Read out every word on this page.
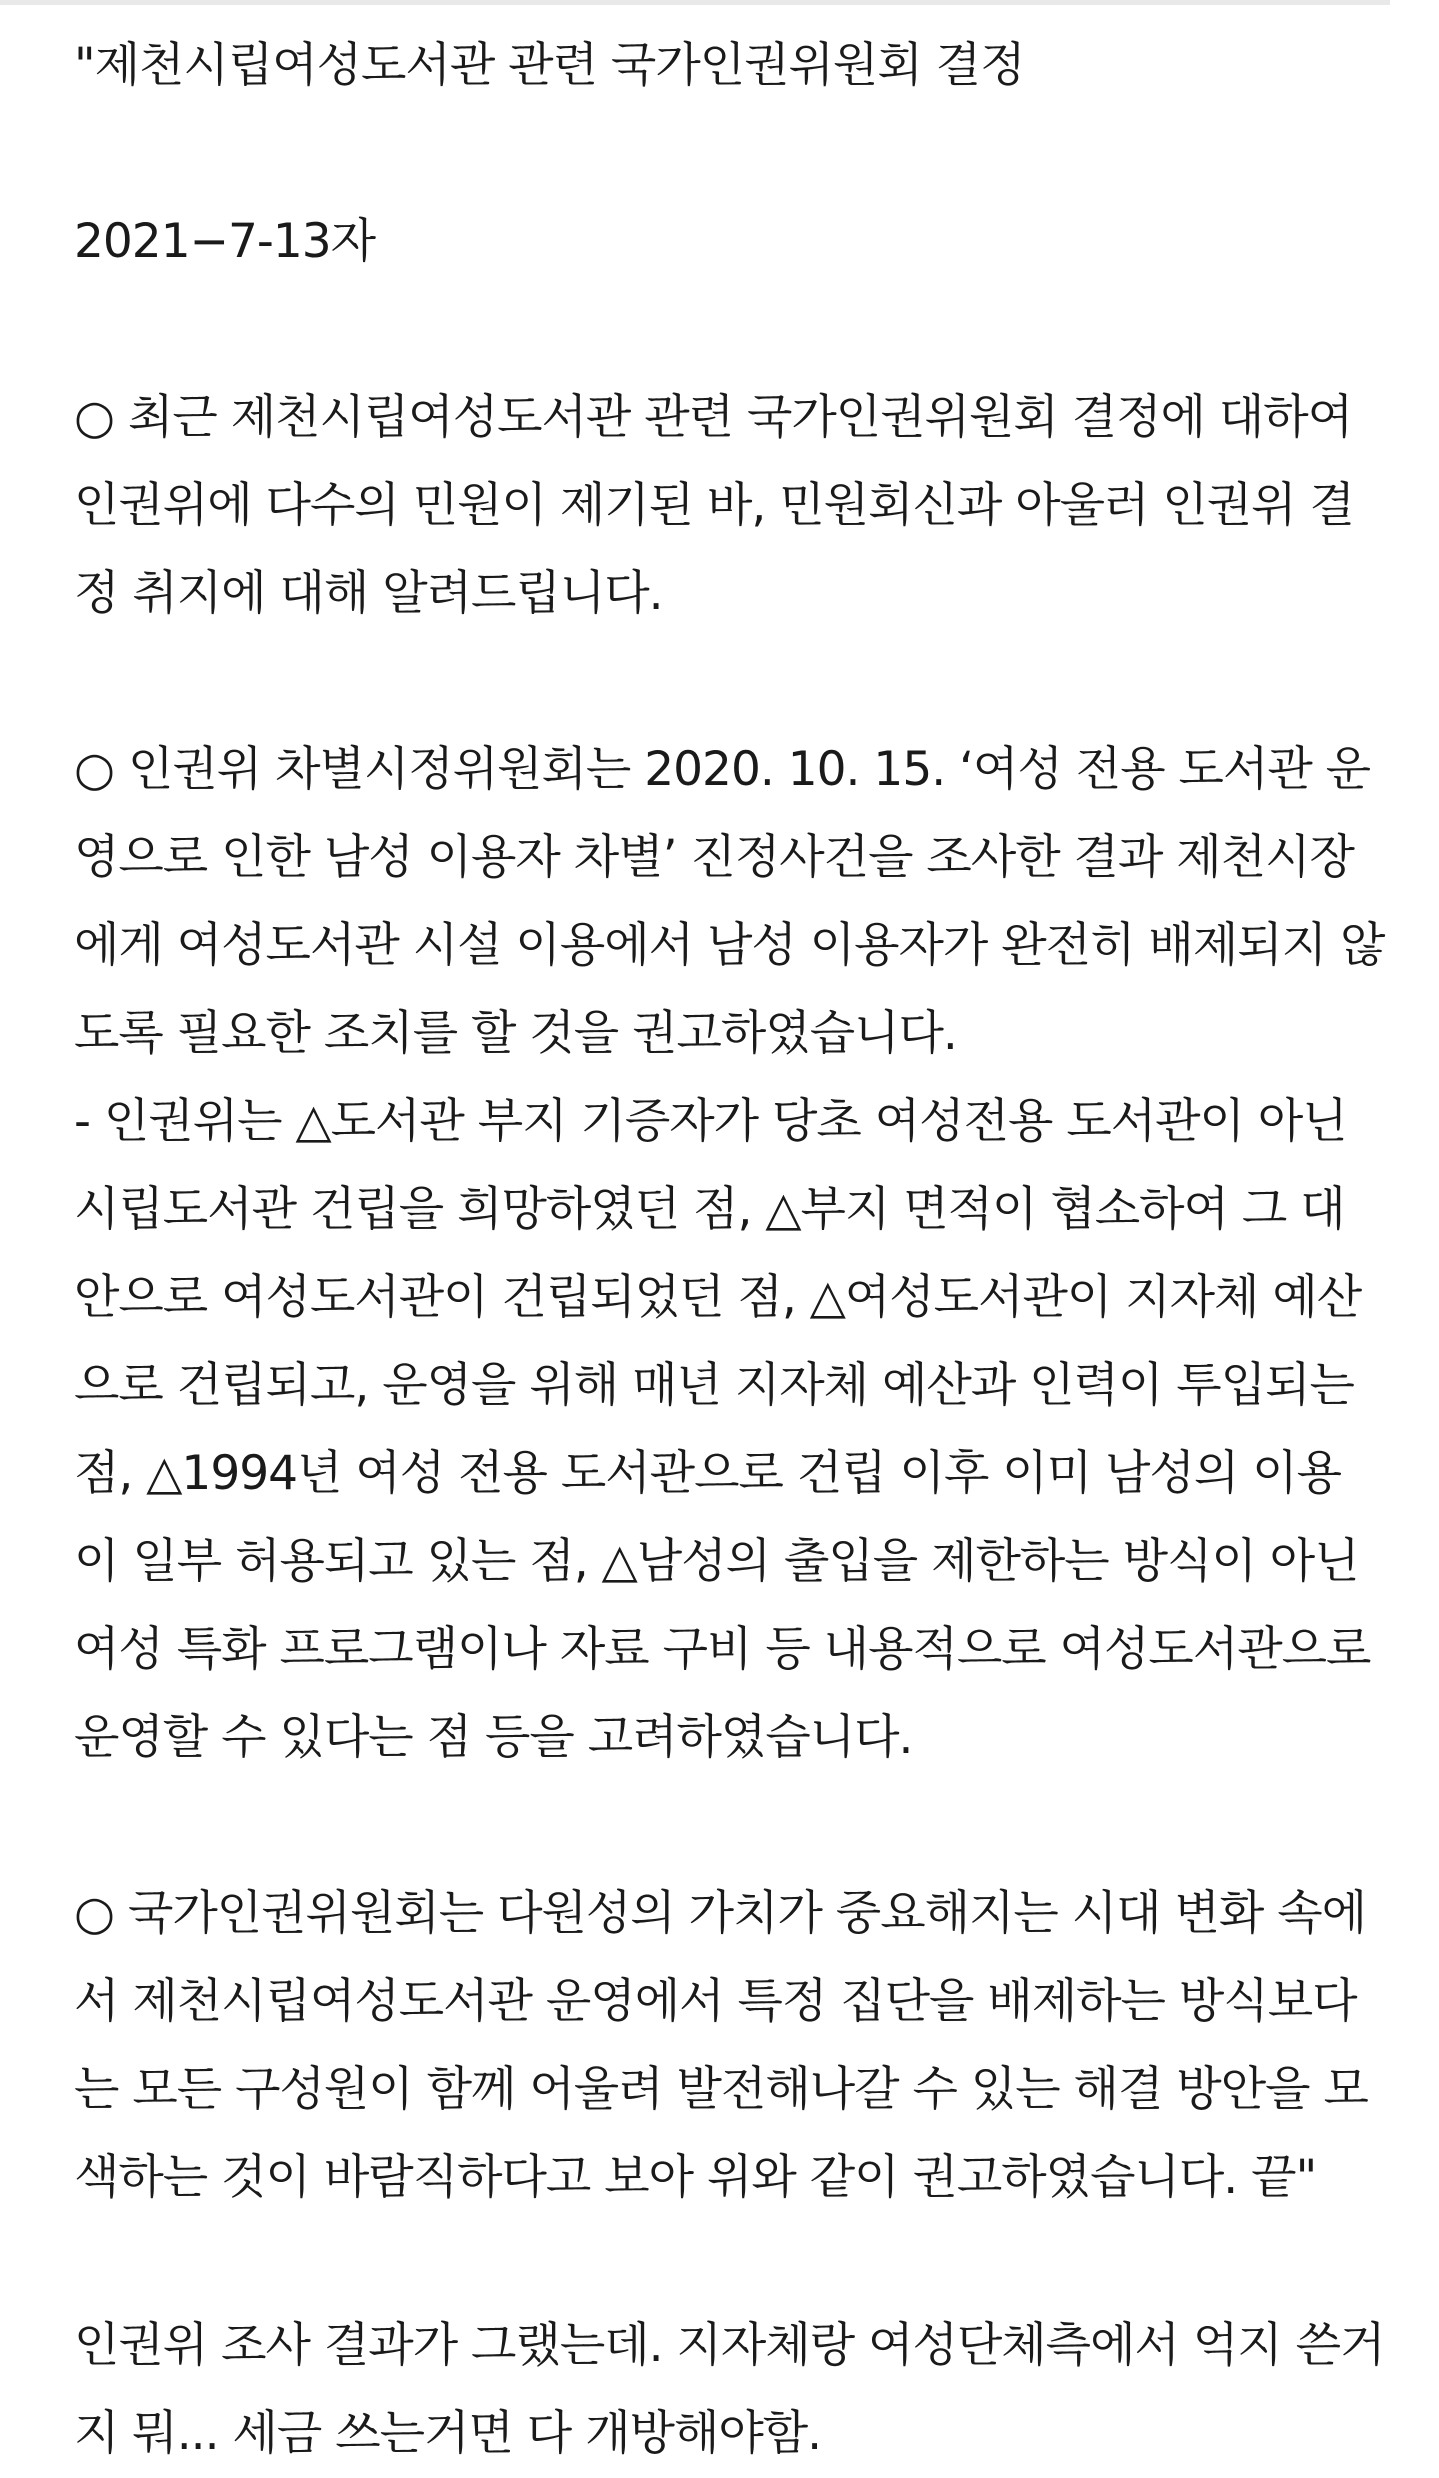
"제천시립여성도서관 관련 국가인권위원회 결정

2021−7-13자

○ 최근 제천시립여성도서관 관련 국가인권위원회 결정에 대하여
인권위에 다수의 민원이 제기된 바, 민원회신과 아울러 인권위 결
정 취지에 대해 알려드립니다.

○ 인권위 차별시정위원회는 2020. 10. 15. ‘여성 전용 도서관 운
영으로 인한 남성 이용자 차별’ 진정사건을 조사한 결과 제천시장
에게 여성도서관 시설 이용에서 남성 이용자가 완전히 배제되지 않
도록 필요한 조치를 할 것을 권고하였습니다.

- 인권위는 △도서관 부지 기증자가 당초 여성전용 도서관이 아닌
시립도서관 건립을 희망하였던 점, △부지 면적이 협소하여 그 대
안으로 여성도서관이 건립되었던 점, △여성도서관이 지자체 예산
으로 건립되고, 운영을 위해 매년 지자체 예산과 인력이 투입되는
점, △1994년 여성 전용 도서관으로 건립 이후 이미 남성의 이용
이 일부 허용되고 있는 점, △남성의 출입을 제한하는 방식이 아닌
여성 특화 프로그램이나 자료 구비 등 내용적으로 여성도서관으로
운영할 수 있다는 점 등을 고려하였습니다.

○ 국가인권위원회는 다원성의 가치가 중요해지는 시대 변화 속에
서 제천시립여성도서관 운영에서 특정 집단을 배제하는 방식보다
는 모든 구성원이 함께 어울려 발전해나갈 수 있는 해결 방안을 모
색하는 것이 바람직하다고 보아 위와 같이 권고하였습니다. 끝"

인권위 조사 결과가 그랬는데. 지자체랑 여성단체측에서 억지 쓴거
지 뭐... 세금 쓰는거면 다 개방해야함.
